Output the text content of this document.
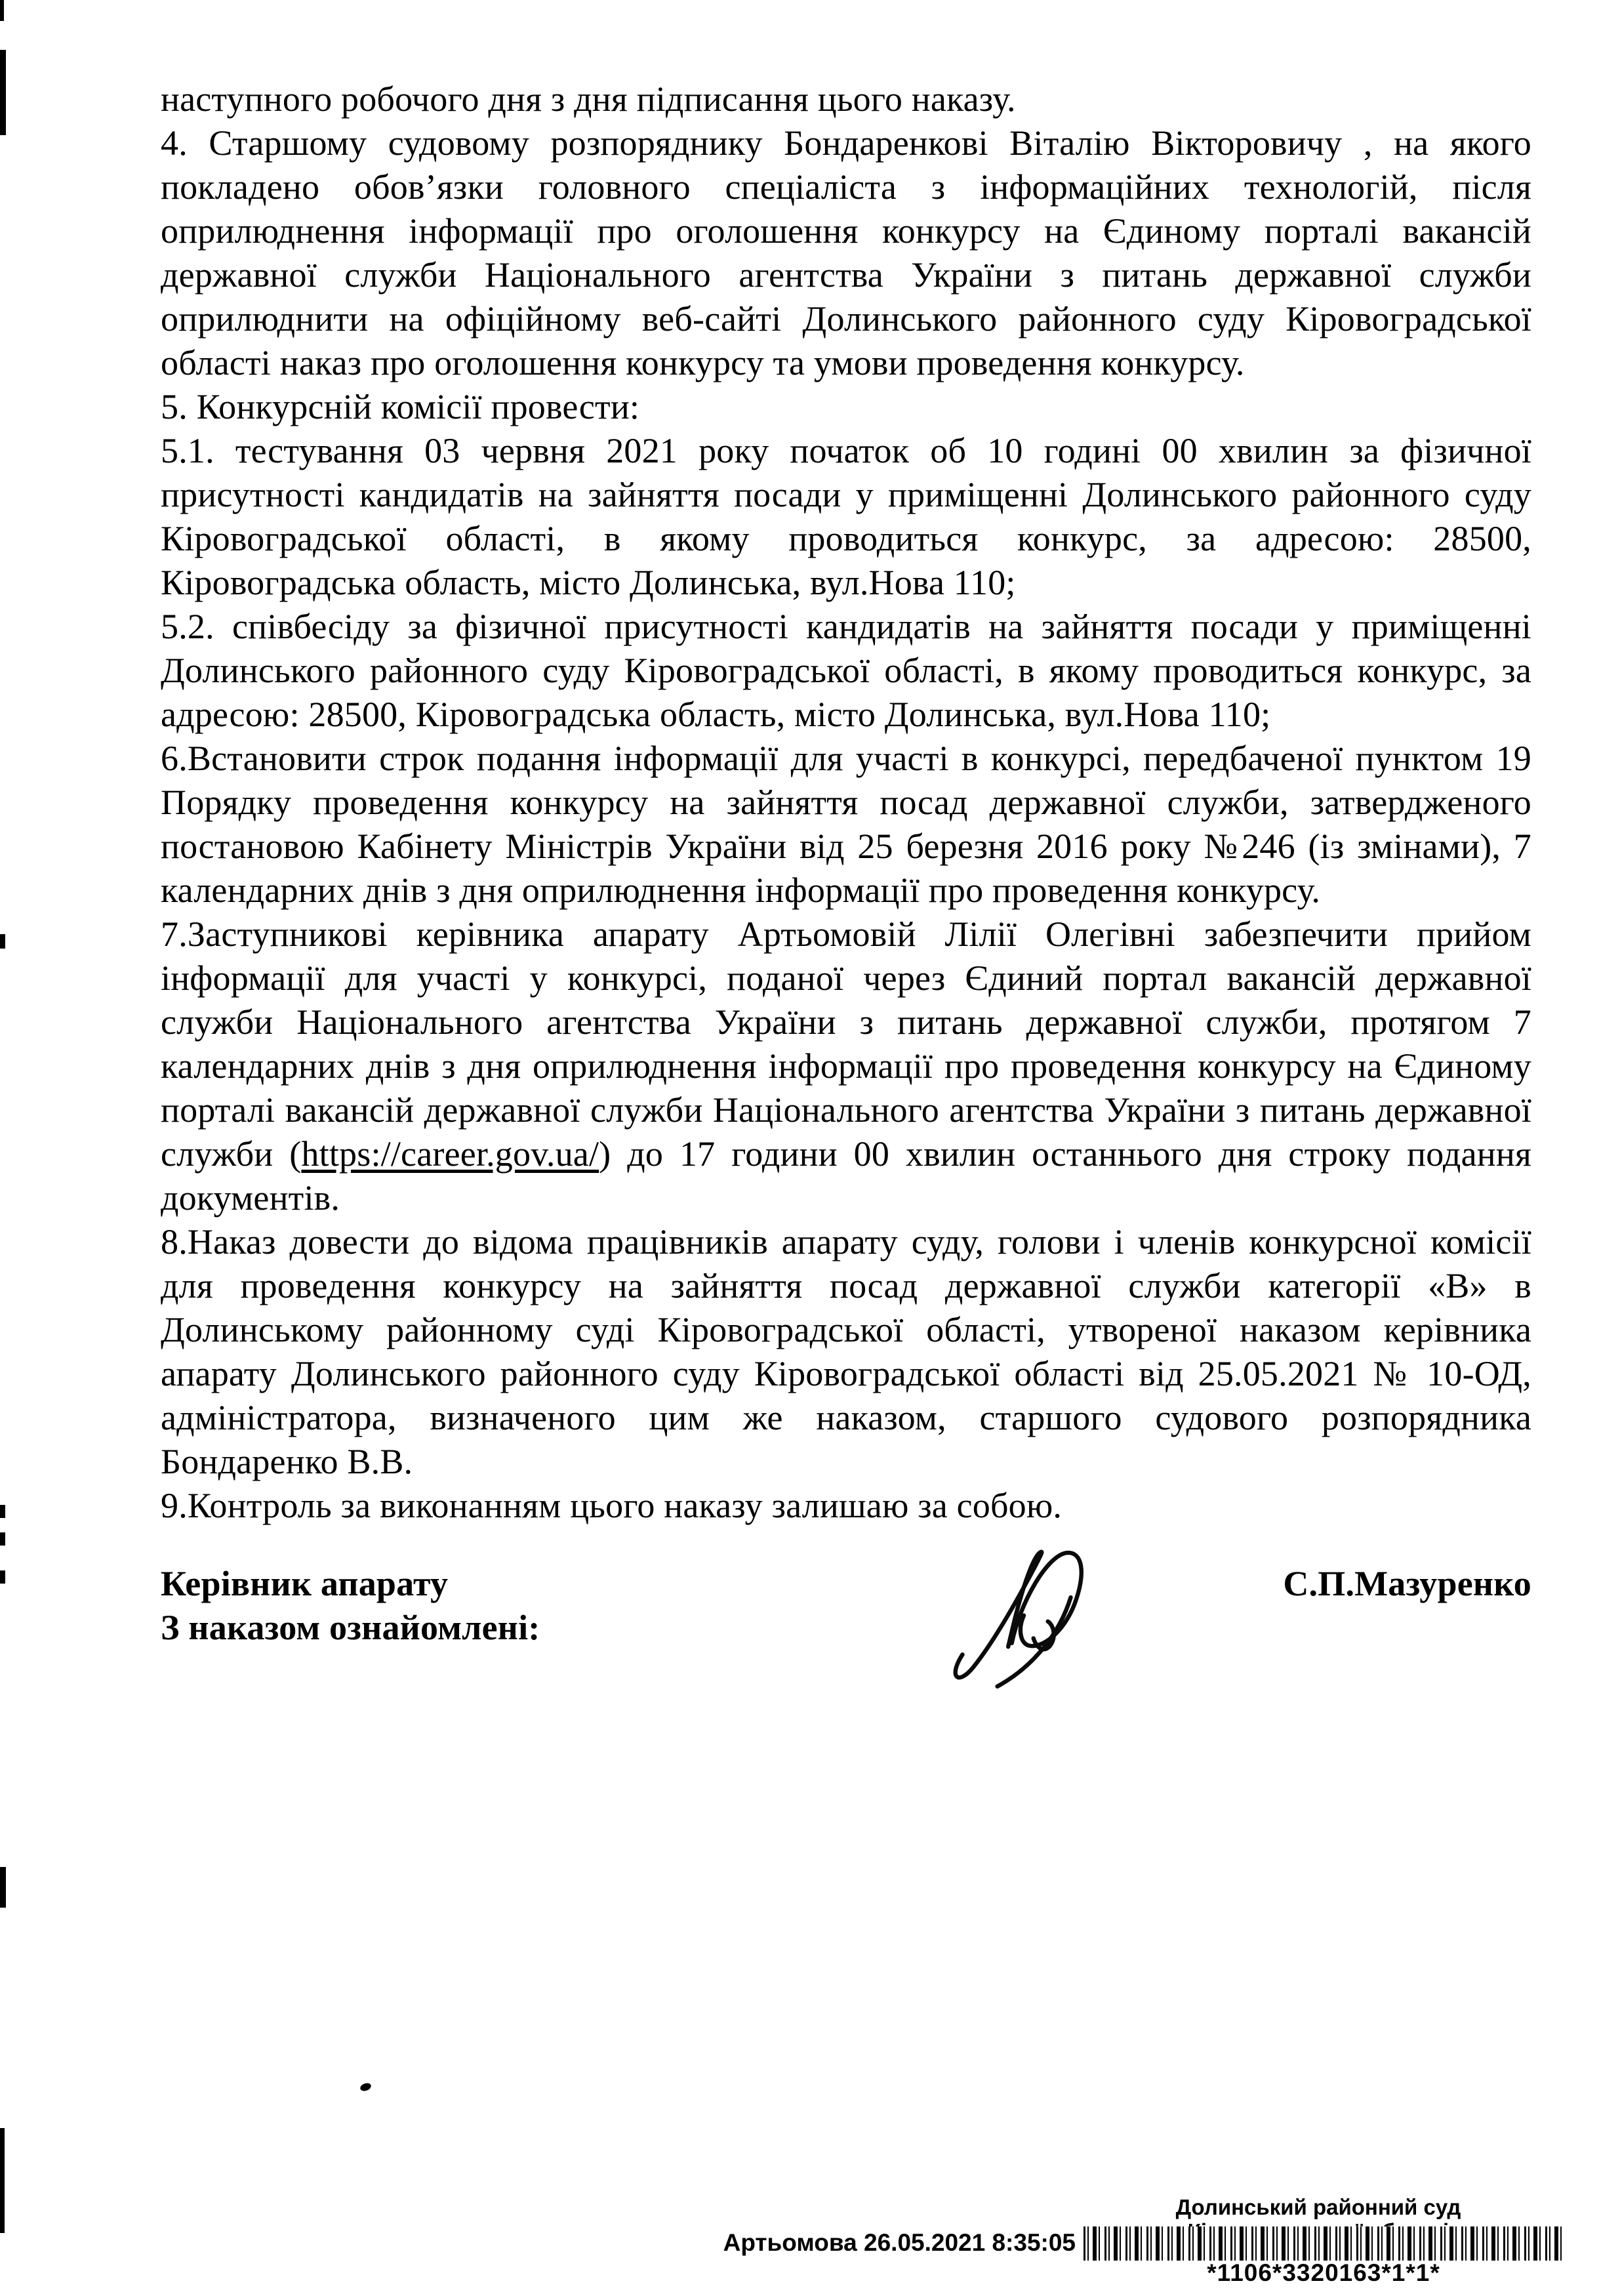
наступного робочого дня з дня підписання цього наказу.

4. Старшому судовому розпоряднику Бондаренкові Віталію Вікторовичу , на якого покладено обов’язки головного спеціаліста з інформаційних технологій, після оприлюднення інформації про оголошення конкурсу на Єдиному порталі вакансій державної служби Національного агентства України з питань державної служби оприлюднити на офіційному веб-сайті Долинського районного суду Кіровоградської області наказ про оголошення конкурсу та умови проведення конкурсу.

5. Конкурсній комісії провести:

5.1. тестування 03 червня 2021 року початок об 10 годині 00 хвилин за фізичної присутності кандидатів на зайняття посади у приміщенні Долинського районного суду Кіровоградської області, в якому проводиться конкурс, за адресою: 28500, Кіровоградська область, місто Долинська, вул.Нова 110;

5.2. співбесіду за фізичної присутності кандидатів на зайняття посади у приміщенні Долинського районного суду Кіровоградської області, в якому проводиться конкурс, за адресою: 28500, Кіровоградська область, місто Долинська, вул.Нова 110;

6.Встановити строк подання інформації для участі в конкурсі, передбаченої пунктом 19 Порядку проведення конкурсу на зайняття посад державної служби, затвердженого постановою Кабінету Міністрів України від 25 березня 2016 року №246 (із змінами), 7 календарних днів з дня оприлюднення інформації про проведення конкурсу.

7.Заступникові керівника апарату Артьомовій Лілії Олегівні забезпечити прийом інформації для участі у конкурсі, поданої через Єдиний портал вакансій державної служби Національного агентства України з питань державної служби, протягом 7 календарних днів з дня оприлюднення інформації про проведення конкурсу на Єдиному порталі вакансій державної служби Національного агентства України з питань державної служби (https://career.gov.ua/) до 17 години 00 хвилин останнього дня строку подання документів.

8.Наказ довести до відома працівників апарату суду, голови і членів конкурсної комісії для проведення конкурсу на зайняття посад державної служби категорії «В» в Долинському районному суді Кіровоградської області, утвореної наказом керівника апарату Долинського районного суду Кіровоградської області від 25.05.2021 № 10-ОД, адміністратора, визначеного цим же наказом, старшого судового розпорядника Бондаренко В.В.

9.Контроль за виконанням цього наказу залишаю за собою.

Керівник апарату	С.П.Мазуренко

З наказом ознайомлені:

Долинський районний суд
Артьомова 26.05.2021 8:35:05
*1106*3320163*1*1*
